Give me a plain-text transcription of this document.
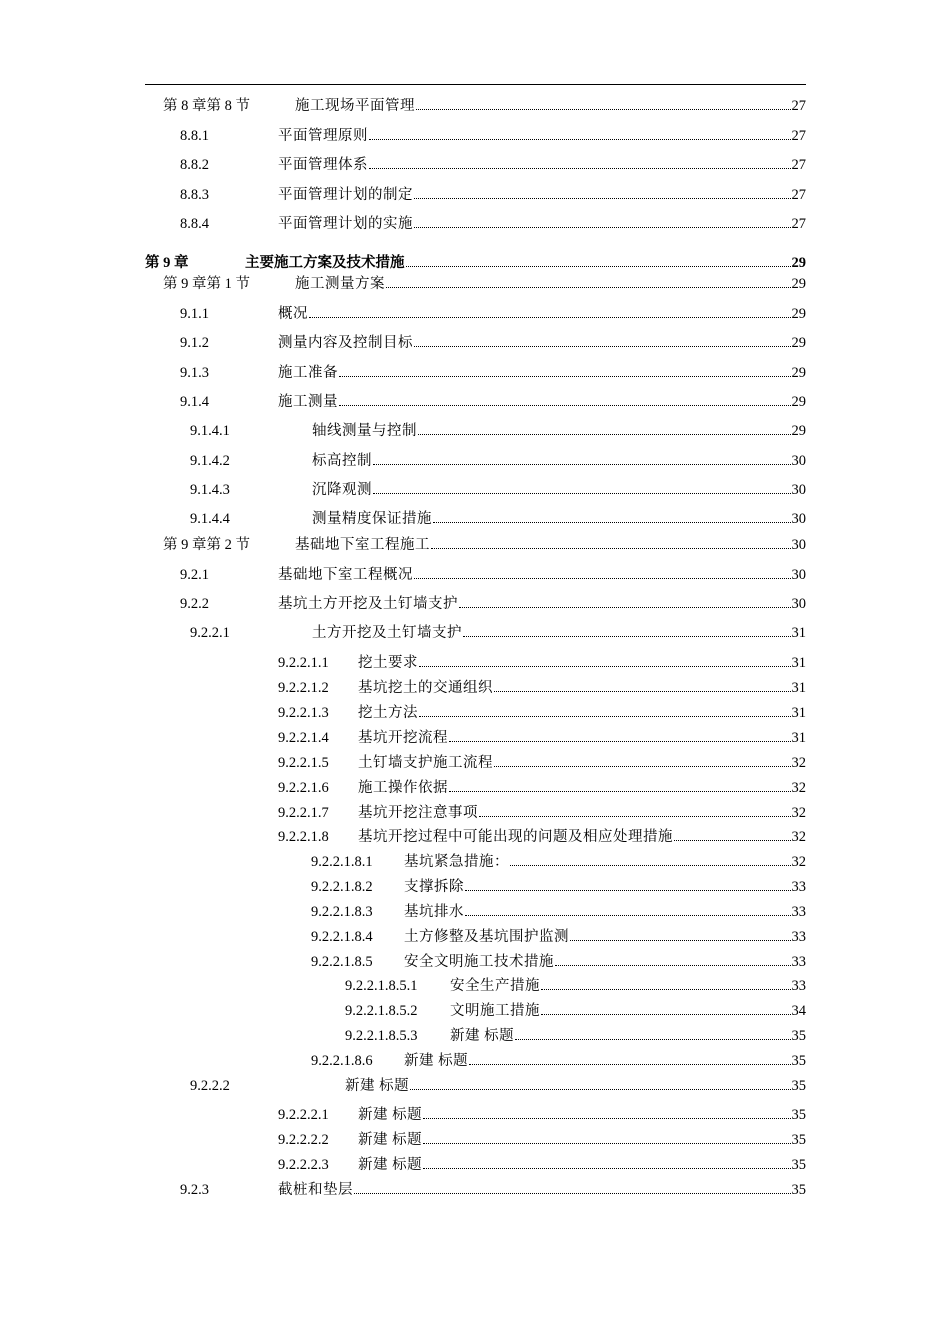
第 8 章第 8 节	施工现场平面管理	27
8.8.1	平面管理原则	27
8.8.2	平面管理体系	27
8.8.3	平面管理计划的制定	27
8.8.4	平面管理计划的实施	27
第 9 章	主要施工方案及技术措施	29
第 9 章第 1 节	施工测量方案	29
9.1.1	概况	29
9.1.2	测量内容及控制目标	29
9.1.3	施工准备	29
9.1.4	施工测量	29
9.1.4.1	轴线测量与控制	29
9.1.4.2	标高控制	30
9.1.4.3	沉降观测	30
9.1.4.4	测量精度保证措施	30
第 9 章第 2 节	基础地下室工程施工	30
9.2.1	基础地下室工程概况	30
9.2.2	基坑土方开挖及土钉墙支护	30
9.2.2.1	土方开挖及土钉墙支护	31
9.2.2.1.1 挖土要求	31
9.2.2.1.2 基坑挖土的交通组织	31
9.2.2.1.3 挖土方法	31
9.2.2.1.4 基坑开挖流程	31
9.2.2.1.5 土钉墙支护施工流程	32
9.2.2.1.6 施工操作依据	32
9.2.2.1.7 基坑开挖注意事项	32
9.2.2.1.8 基坑开挖过程中可能出现的问题及相应处理措施	32
9.2.2.1.8.1 基坑紧急措施：	32
9.2.2.1.8.2 支撑拆除	33
9.2.2.1.8.3 基坑排水	33
9.2.2.1.8.4 土方修整及基坑围护监测	33
9.2.2.1.8.5 安全文明施工技术措施	33
9.2.2.1.8.5.1 安全生产措施	33
9.2.2.1.8.5.2 文明施工措施	34
9.2.2.1.8.5.3 新建 标题	35
9.2.2.1.8.6 新建 标题	35
9.2.2.2	新建 标题	35
9.2.2.2.1 新建 标题	35
9.2.2.2.2 新建 标题	35
9.2.2.2.3 新建 标题	35
9.2.3	截桩和垫层	35
